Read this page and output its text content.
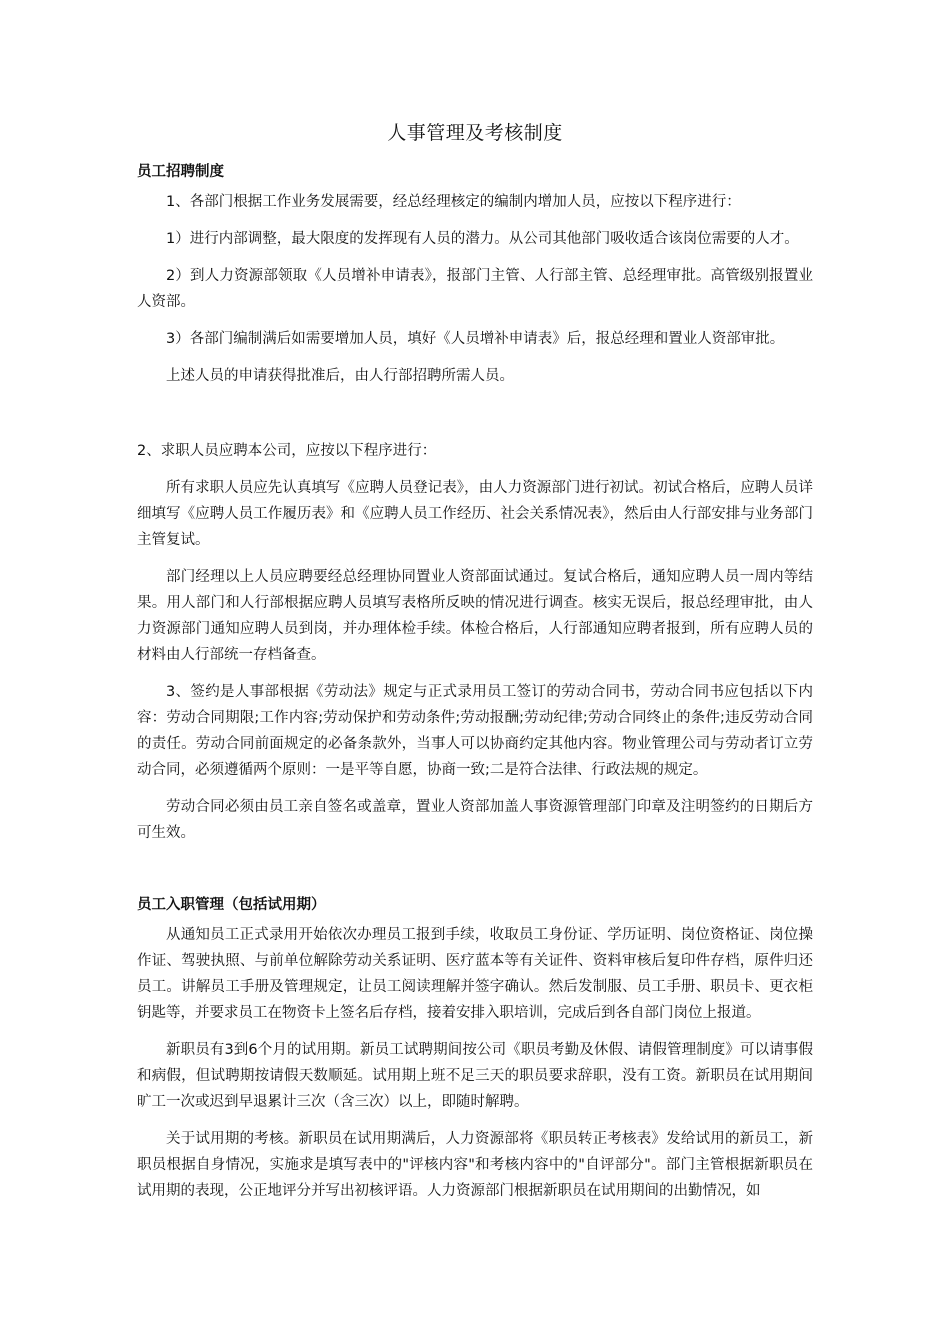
人事管理及考核制度
员工招聘制度

1、各部门根据工作业务发展需要，经总经理核定的编制内增加人员，应按以下程序进行：

1）进行内部调整，最大限度的发挥现有人员的潜力。从公司其他部门吸收适合该岗位需要的人才。

2）到人力资源部领取《人员增补申请表》，报部门主管、人行部主管、总经理审批。高管级别报置业人资部。

3）各部门编制满后如需要增加人员，填好《人员增补申请表》后，报总经理和置业人资部审批。

上述人员的申请获得批准后，由人行部招聘所需人员。

2、求职人员应聘本公司，应按以下程序进行：

所有求职人员应先认真填写《应聘人员登记表》，由人力资源部门进行初试。初试合格后，应聘人员详细填写《应聘人员工作履历表》和《应聘人员工作经历、社会关系情况表》，然后由人行部安排与业务部门主管复试。

部门经理以上人员应聘要经总经理协同置业人资部面试通过。复试合格后，通知应聘人员一周内等结果。用人部门和人行部根据应聘人员填写表格所反映的情况进行调查。核实无误后，报总经理审批，由人力资源部门通知应聘人员到岗，并办理体检手续。体检合格后，人行部通知应聘者报到，所有应聘人员的材料由人行部统一存档备查。

3、签约是人事部根据《劳动法》规定与正式录用员工签订的劳动合同书，劳动合同书应包括以下内容：劳动合同期限;工作内容;劳动保护和劳动条件;劳动报酬;劳动纪律;劳动合同终止的条件;违反劳动合同的责任。劳动合同前面规定的必备条款外，当事人可以协商约定其他内容。物业管理公司与劳动者订立劳动合同，必须遵循两个原则：一是平等自愿，协商一致;二是符合法律、行政法规的规定。

劳动合同必须由员工亲自签名或盖章，置业人资部加盖人事资源管理部门印章及注明签约的日期后方可生效。

员工入职管理（包括试用期）

从通知员工正式录用开始依次办理员工报到手续，收取员工身份证、学历证明、岗位资格证、岗位操作证、驾驶执照、与前单位解除劳动关系证明、医疗蓝本等有关证件、资料审核后复印件存档，原件归还员工。讲解员工手册及管理规定，让员工阅读理解并签字确认。然后发制服、员工手册、职员卡、更衣柜钥匙等，并要求员工在物资卡上签名后存档，接着安排入职培训，完成后到各自部门岗位上报道。

新职员有3到6个月的试用期。新员工试聘期间按公司《职员考勤及休假、请假管理制度》可以请事假和病假，但试聘期按请假天数顺延。试用期上班不足三天的职员要求辞职，没有工资。新职员在试用期间旷工一次或迟到早退累计三次（含三次）以上，即随时解聘。

关于试用期的考核。新职员在试用期满后，人力资源部将《职员转正考核表》发给试用的新员工，新职员根据自身情况，实施求是填写表中的"评核内容"和考核内容中的"自评部分"。部门主管根据新职员在试用期的表现，公正地评分并写出初核评语。人力资源部门根据新职员在试用期间的出勤情况，如
